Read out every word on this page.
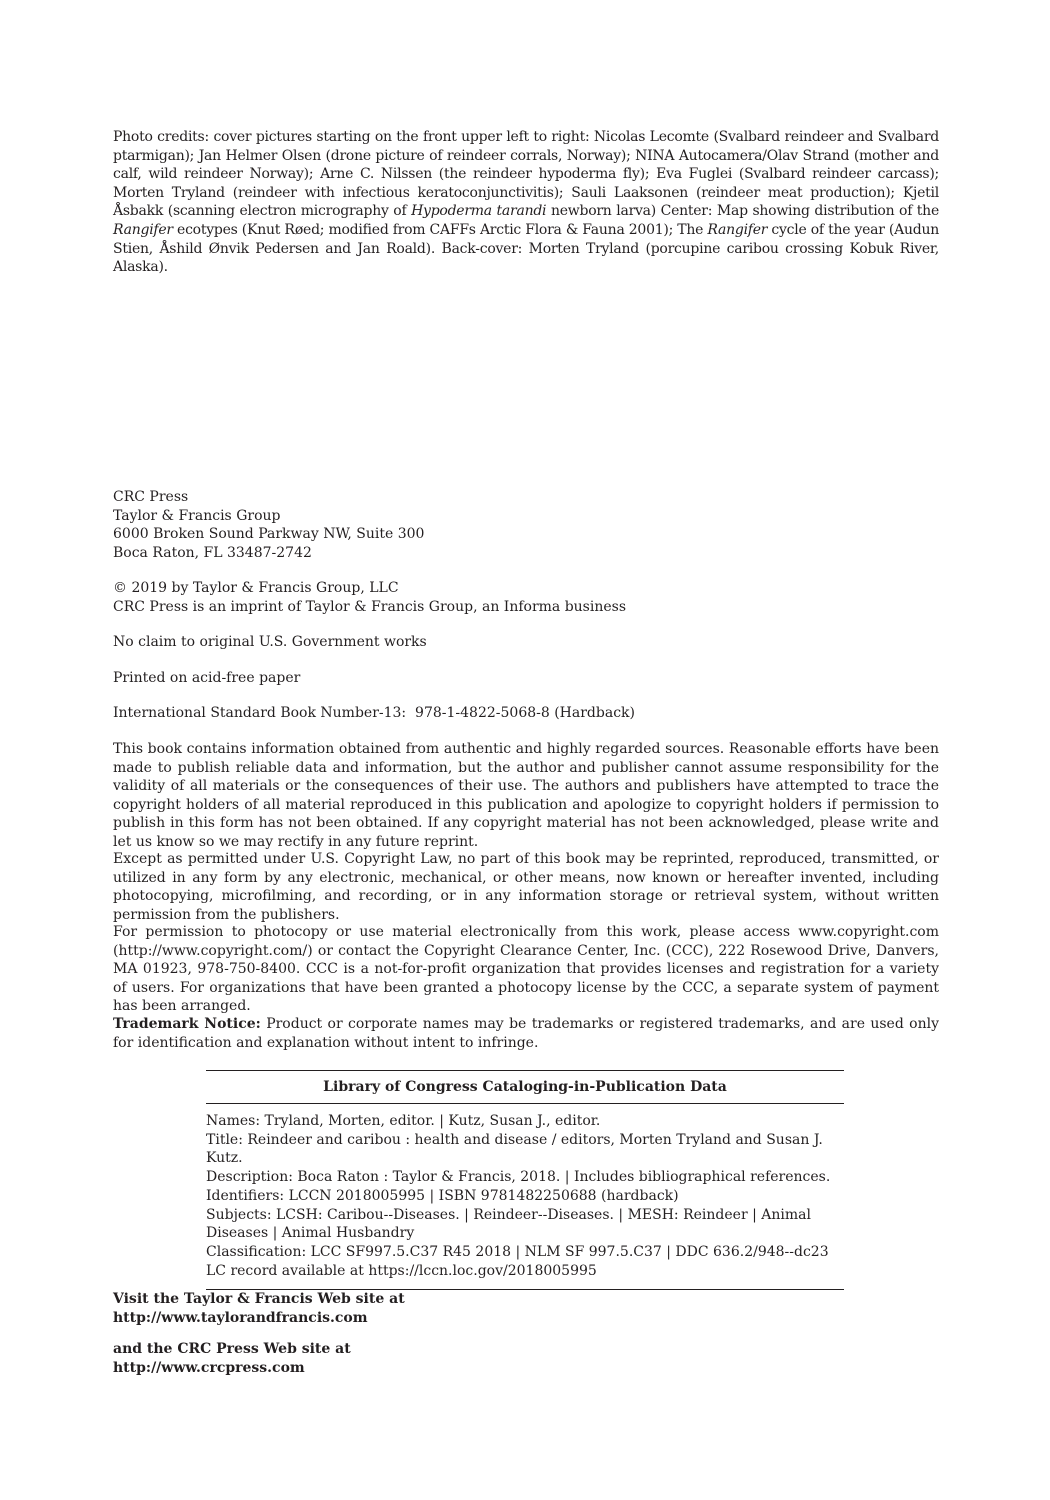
Photo credits: cover pictures starting on the front upper left to right: Nicolas Lecomte (Svalbard reindeer and Svalbard ptarmigan); Jan Helmer Olsen (drone picture of reindeer corrals, Norway); NINA Autocamera/Olav Strand (mother and calf, wild reindeer Norway); Arne C. Nilssen (the reindeer hypoderma fly); Eva Fuglei (Svalbard reindeer carcass); Morten Tryland (reindeer with infectious keratoconjunctivitis); Sauli Laaksonen (reindeer meat production); Kjetil Åsbakk (scanning electron micrography of Hypoderma tarandi newborn larva) Center: Map showing distribution of the Rangifer ecotypes (Knut Røed; modified from CAFFs Arctic Flora & Fauna 2001); The Rangifer cycle of the year (Audun Stien, Åshild Ønvik Pedersen and Jan Roald). Back-cover: Morten Tryland (porcupine caribou crossing Kobuk River, Alaska).

CRC Press

Taylor & Francis Group

6000 Broken Sound Parkway NW, Suite 300

Boca Raton, FL 33487-2742

© 2019 by Taylor & Francis Group, LLC

CRC Press is an imprint of Taylor & Francis Group, an Informa business

No claim to original U.S. Government works

Printed on acid-free paper

International Standard Book Number-13:  978-1-4822-5068-8 (Hardback)

This book contains information obtained from authentic and highly regarded sources. Reasonable efforts have been made to publish reliable data and information, but the author and publisher cannot assume responsibility for the validity of all materials or the consequences of their use. The authors and publishers have attempted to trace the copyright holders of all material reproduced in this publication and apologize to copyright holders if permission to publish in this form has not been obtained. If any copyright material has not been acknowledged, please write and let us know so we may rectify in any future reprint.

Except as permitted under U.S. Copyright Law, no part of this book may be reprinted, reproduced, transmitted, or utilized in any form by any electronic, mechanical, or other means, now known or hereafter invented, including photocopying, microfilming, and recording, or in any information storage or retrieval system, without written permission from the publishers.

For permission to photocopy or use material electronically from this work, please access www.copyright.com (http://www.copyright.com/) or contact the Copyright Clearance Center, Inc. (CCC), 222 Rosewood Drive, Danvers, MA 01923, 978-750-8400. CCC is a not-for-profit organization that provides licenses and registration for a variety of users. For organizations that have been granted a photocopy license by the CCC, a separate system of payment has been arranged.

Trademark Notice: Product or corporate names may be trademarks or registered trademarks, and are used only for identification and explanation without intent to infringe.

Library of Congress Cataloging-in-Publication Data
Names: Tryland, Morten, editor. | Kutz, Susan J., editor.
Title: Reindeer and caribou : health and disease / editors, Morten Tryland and Susan J. Kutz.
Description: Boca Raton : Taylor & Francis, 2018. | Includes bibliographical references.
Identifiers: LCCN 2018005995 | ISBN 9781482250688 (hardback)
Subjects: LCSH: Caribou--Diseases. | Reindeer--Diseases. | MESH: Reindeer | Animal Diseases | Animal Husbandry
Classification: LCC SF997.5.C37 R45 2018 | NLM SF 997.5.C37 | DDC 636.2/948--dc23
LC record available at https://lccn.loc.gov/2018005995
Visit the Taylor & Francis Web site at
http://www.taylorandfrancis.com
and the CRC Press Web site at
http://www.crcpress.com
